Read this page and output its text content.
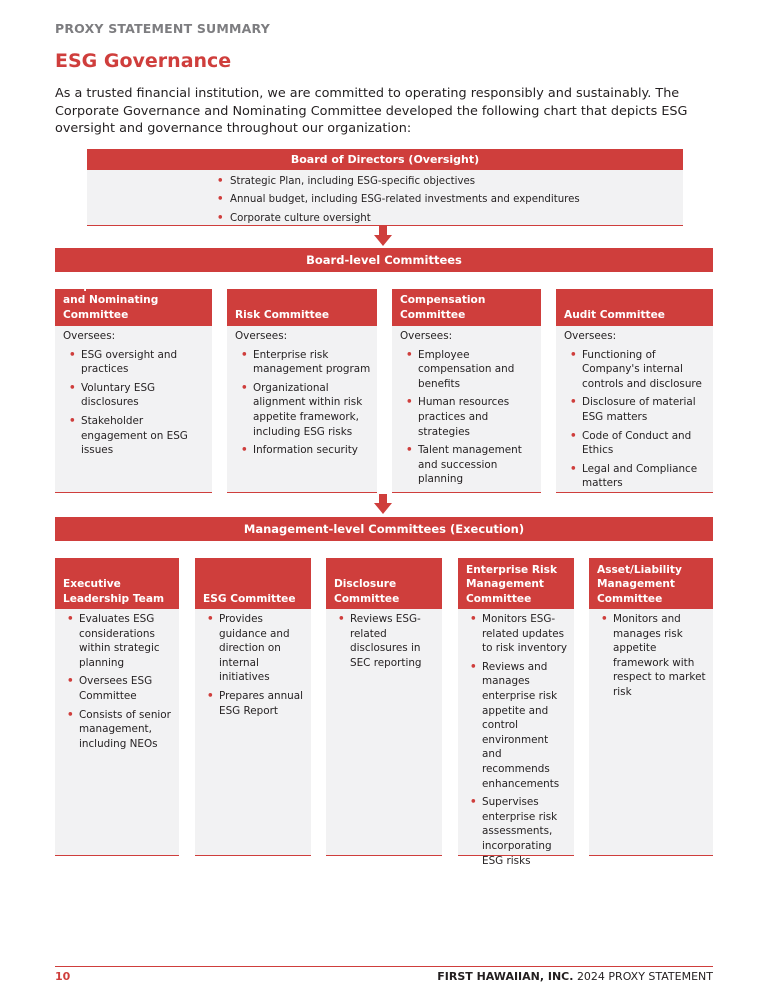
PROXY STATEMENT SUMMARY
ESG Governance

As a trusted financial institution, we are committed to operating responsibly and sustainably. The Corporate Governance and Nominating Committee developed the following chart that depicts ESG oversight and governance throughout our organization:

Board of Directors (Oversight)
• Strategic Plan, including ESG-specific objectives
• Annual budget, including ESG-related investments and expenditures
• Corporate culture oversight
Board-level Committees
Corporate Governance and Nominating Committee
Oversees:
• ESG oversight and practices
• Voluntary ESG disclosures
• Stakeholder engagement on ESG issues
Risk Committee
Oversees:
• Enterprise risk management program
• Organizational alignment within risk appetite framework, including ESG risks
• Information security
Compensation Committee
Oversees:
• Employee compensation and benefits
• Human resources practices and strategies
• Talent management and succession planning
Audit Committee
Oversees:
• Functioning of Company's internal controls and disclosure
• Disclosure of material ESG matters
• Code of Conduct and Ethics
• Legal and Compliance matters
Management-level Committees (Execution)
Executive Leadership Team
• Evaluates ESG considerations within strategic planning
• Oversees ESG Committee
• Consists of senior management, including NEOs
ESG Committee
• Provides guidance and direction on internal initiatives
• Prepares annual ESG Report
Disclosure Committee
• Reviews ESG-related disclosures in SEC reporting
Enterprise Risk Management Committee
• Monitors ESG-related updates to risk inventory
• Reviews and manages enterprise risk appetite and control environment and recommends enhancements
• Supervises enterprise risk assessments, incorporating ESG risks
Asset/Liability Management Committee
• Monitors and manages risk appetite framework with respect to market risk
10	FIRST HAWAIIAN, INC. 2024 PROXY STATEMENT
